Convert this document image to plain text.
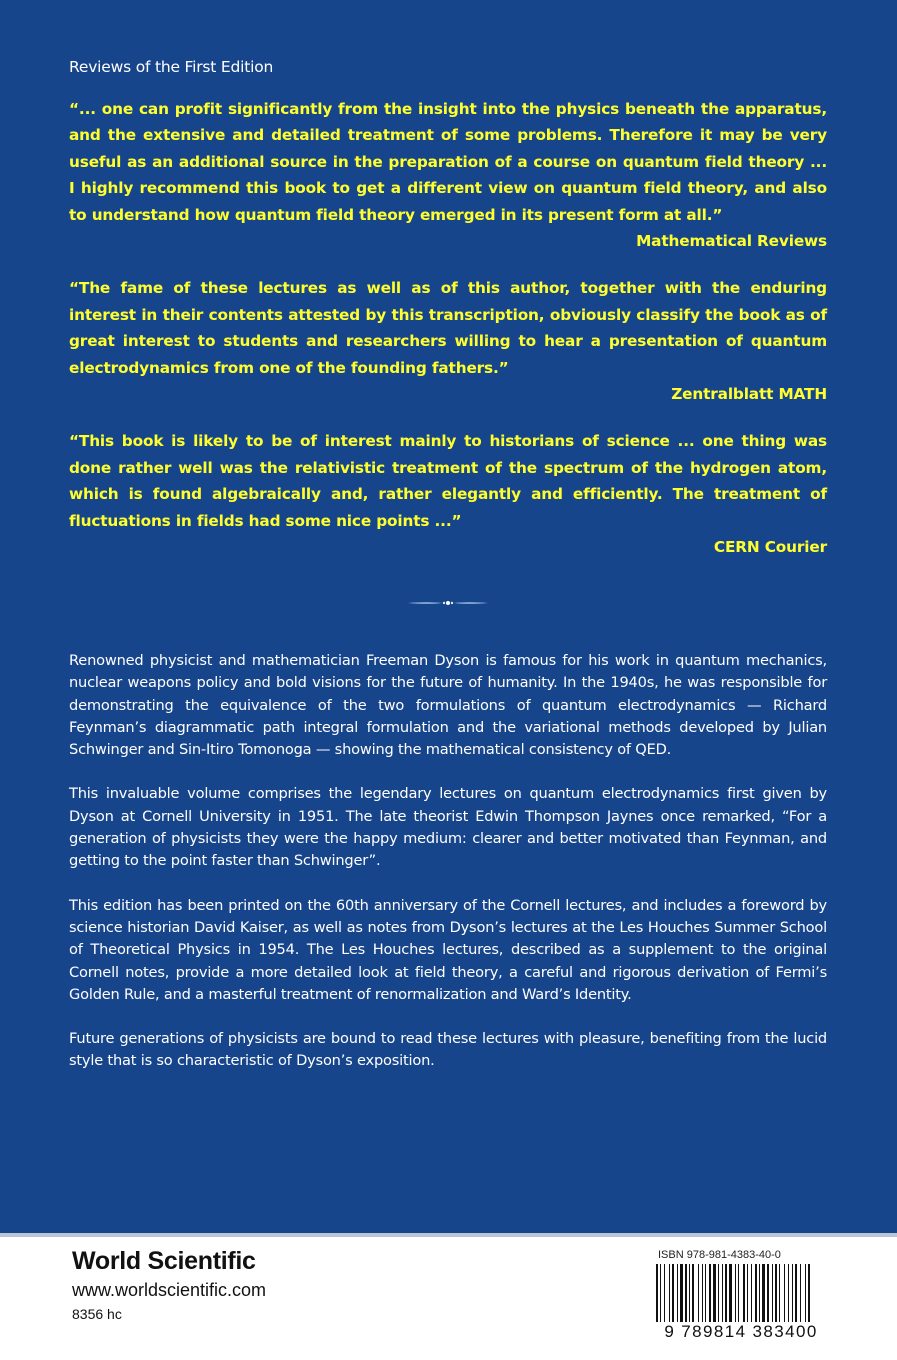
Reviews of the First Edition
“... one can profit significantly from the insight into the physics beneath the apparatus, and the extensive and detailed treatment of some problems. Therefore it may be very useful as an additional source in the preparation of a course on quantum field theory ... I highly recommend this book to get a different view on quantum field theory, and also to understand how quantum field theory emerged in its present form at all.”
Mathematical Reviews
“The fame of these lectures as well as of this author, together with the enduring interest in their contents attested by this transcription, obviously classify the book as of great interest to students and researchers willing to hear a presentation of quantum electrodynamics from one of the founding fathers.”
Zentralblatt MATH
“This book is likely to be of interest mainly to historians of science ... one thing was done rather well was the relativistic treatment of the spectrum of the hydrogen atom, which is found algebraically and, rather elegantly and efficiently. The treatment of fluctuations in fields had some nice points ...”
CERN Courier

Renowned physicist and mathematician Freeman Dyson is famous for his work in quantum mechanics, nuclear weapons policy and bold visions for the future of humanity. In the 1940s, he was responsible for demonstrating the equivalence of the two formulations of quantum electrodynamics — Richard Feynman’s diagrammatic path integral formulation and the variational methods developed by Julian Schwinger and Sin-Itiro Tomonoga — showing the mathematical consistency of QED.

This invaluable volume comprises the legendary lectures on quantum electrodynamics first given by Dyson at Cornell University in 1951. The late theorist Edwin Thompson Jaynes once remarked, “For a generation of physicists they were the happy medium: clearer and better motivated than Feynman, and getting to the point faster than Schwinger”.

This edition has been printed on the 60th anniversary of the Cornell lectures, and includes a foreword by science historian David Kaiser, as well as notes from Dyson’s lectures at the Les Houches Summer School of Theoretical Physics in 1954. The Les Houches lectures, described as a supplement to the original Cornell notes, provide a more detailed look at field theory, a careful and rigorous derivation of Fermi’s Golden Rule, and a masterful treatment of renormalization and Ward’s Identity.

Future generations of physicists are bound to read these lectures with pleasure, benefiting from the lucid style that is so characteristic of Dyson’s exposition.

World Scientific
www.worldscientific.com
8356 hc
ISBN 978-981-4383-40-0
9 789814 383400
